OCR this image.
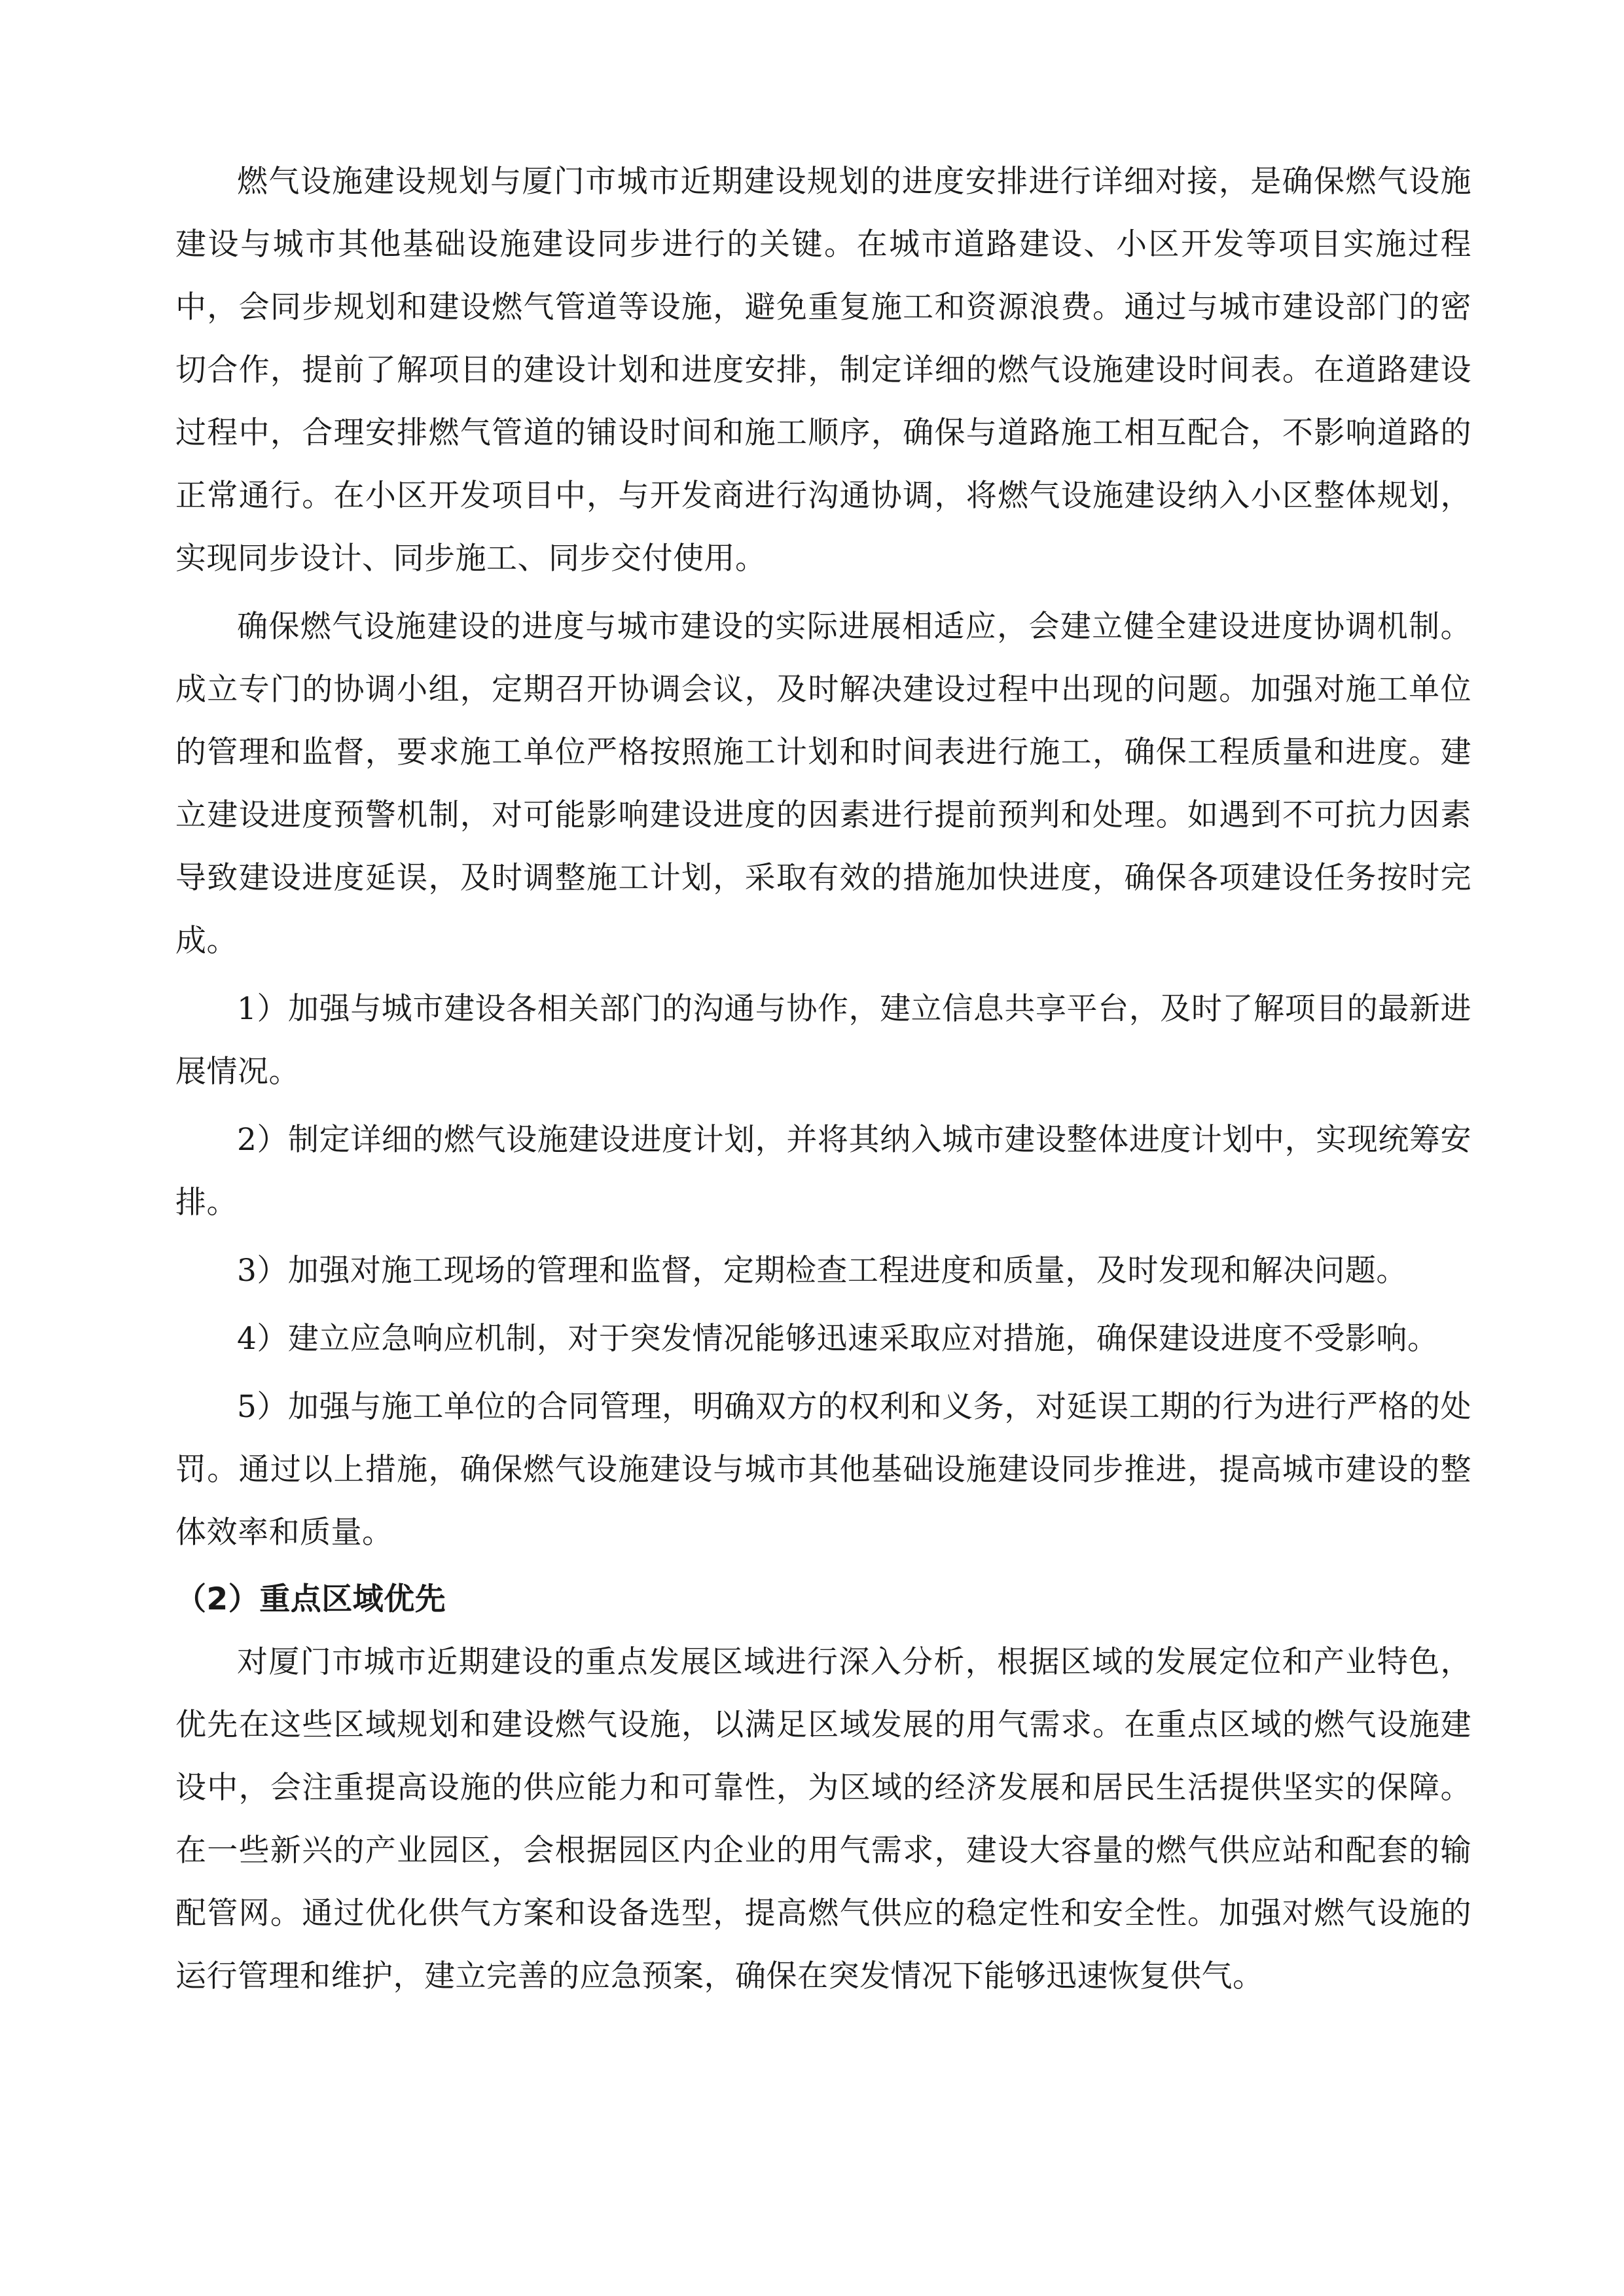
燃气设施建设规划与厦门市城市近期建设规划的进度安排进行详细对接，是确保燃气设施建设与城市其他基础设施建设同步进行的关键。在城市道路建设、小区开发等项目实施过程中，会同步规划和建设燃气管道等设施，避免重复施工和资源浪费。通过与城市建设部门的密切合作，提前了解项目的建设计划和进度安排，制定详细的燃气设施建设时间表。在道路建设过程中，合理安排燃气管道的铺设时间和施工顺序，确保与道路施工相互配合，不影响道路的正常通行。在小区开发项目中，与开发商进行沟通协调，将燃气设施建设纳入小区整体规划，实现同步设计、同步施工、同步交付使用。

确保燃气设施建设的进度与城市建设的实际进展相适应，会建立健全建设进度协调机制。成立专门的协调小组，定期召开协调会议，及时解决建设过程中出现的问题。加强对施工单位的管理和监督，要求施工单位严格按照施工计划和时间表进行施工，确保工程质量和进度。建立建设进度预警机制，对可能影响建设进度的因素进行提前预判和处理。如遇到不可抗力因素导致建设进度延误，及时调整施工计划，采取有效的措施加快进度，确保各项建设任务按时完成。

1）加强与城市建设各相关部门的沟通与协作，建立信息共享平台，及时了解项目的最新进展情况。

2）制定详细的燃气设施建设进度计划，并将其纳入城市建设整体进度计划中，实现统筹安排。

3）加强对施工现场的管理和监督，定期检查工程进度和质量，及时发现和解决问题。

4）建立应急响应机制，对于突发情况能够迅速采取应对措施，确保建设进度不受影响。

5）加强与施工单位的合同管理，明确双方的权利和义务，对延误工期的行为进行严格的处罚。通过以上措施，确保燃气设施建设与城市其他基础设施建设同步推进，提高城市建设的整体效率和质量。

（2）重点区域优先

对厦门市城市近期建设的重点发展区域进行深入分析，根据区域的发展定位和产业特色，优先在这些区域规划和建设燃气设施，以满足区域发展的用气需求。在重点区域的燃气设施建设中，会注重提高设施的供应能力和可靠性，为区域的经济发展和居民生活提供坚实的保障。在一些新兴的产业园区，会根据园区内企业的用气需求，建设大容量的燃气供应站和配套的输配管网。通过优化供气方案和设备选型，提高燃气供应的稳定性和安全性。加强对燃气设施的运行管理和维护，建立完善的应急预案，确保在突发情况下能够迅速恢复供气。
